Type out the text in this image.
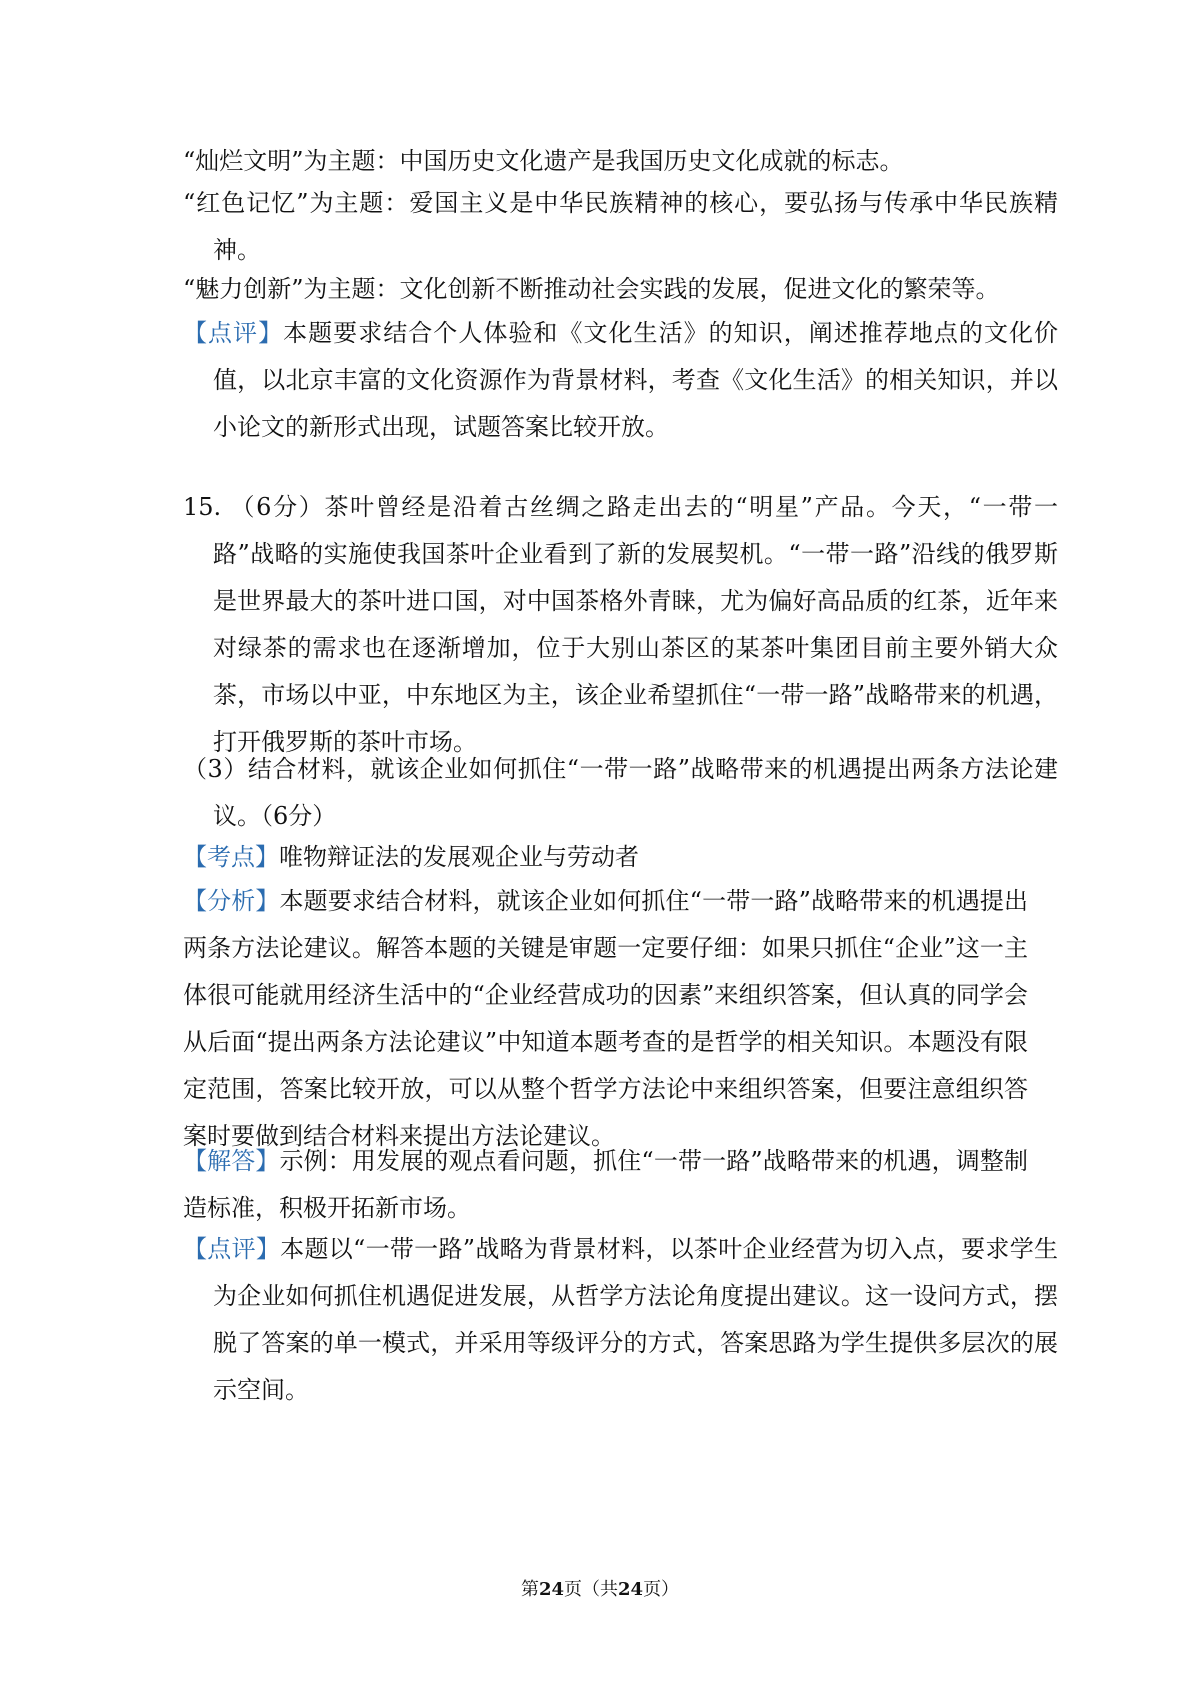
“灿烂文明”为主题：中国历史文化遗产是我国历史文化成就的标志。
“红色记忆”为主题：爱国主义是中华民族精神的核心，要弘扬与传承中华民族精神。
“魅力创新”为主题：文化创新不断推动社会实践的发展，促进文化的繁荣等。
【点评】本题要求结合个人体验和《文化生活》的知识，阐述推荐地点的文化价值，以北京丰富的文化资源作为背景材料，考查《文化生活》的相关知识，并以小论文的新形式出现，试题答案比较开放。
15. （6分）茶叶曾经是沿着古丝绸之路走出去的“明星”产品。今天，“一带一路”战略的实施使我国茶叶企业看到了新的发展契机。“一带一路”沿线的俄罗斯是世界最大的茶叶进口国，对中国茶格外青睐，尤为偏好高品质的红茶，近年来对绿茶的需求也在逐渐增加，位于大别山茶区的某茶叶集团目前主要外销大众茶，市场以中亚，中东地区为主，该企业希望抓住“一带一路”战略带来的机遇，打开俄罗斯的茶叶市场。
（3）结合材料，就该企业如何抓住“一带一路”战略带来的机遇提出两条方法论建议。（6分）
【考点】唯物辩证法的发展观企业与劳动者
【分析】本题要求结合材料，就该企业如何抓住“一带一路”战略带来的机遇提出两条方法论建议。解答本题的关键是审题一定要仔细：如果只抓住“企业”这一主体很可能就用经济生活中的“企业经营成功的因素”来组织答案，但认真的同学会从后面“提出两条方法论建议”中知道本题考查的是哲学的相关知识。本题没有限定范围，答案比较开放，可以从整个哲学方法论中来组织答案，但要注意组织答案时要做到结合材料来提出方法论建议。
【解答】示例：用发展的观点看问题，抓住“一带一路”战略带来的机遇，调整制造标准，积极开拓新市场。
【点评】本题以“一带一路”战略为背景材料，以茶叶企业经营为切入点，要求学生为企业如何抓住机遇促进发展，从哲学方法论角度提出建议。这一设问方式，摆脱了答案的单一模式，并采用等级评分的方式，答案思路为学生提供多层次的展示空间。
第24页（共24页）
